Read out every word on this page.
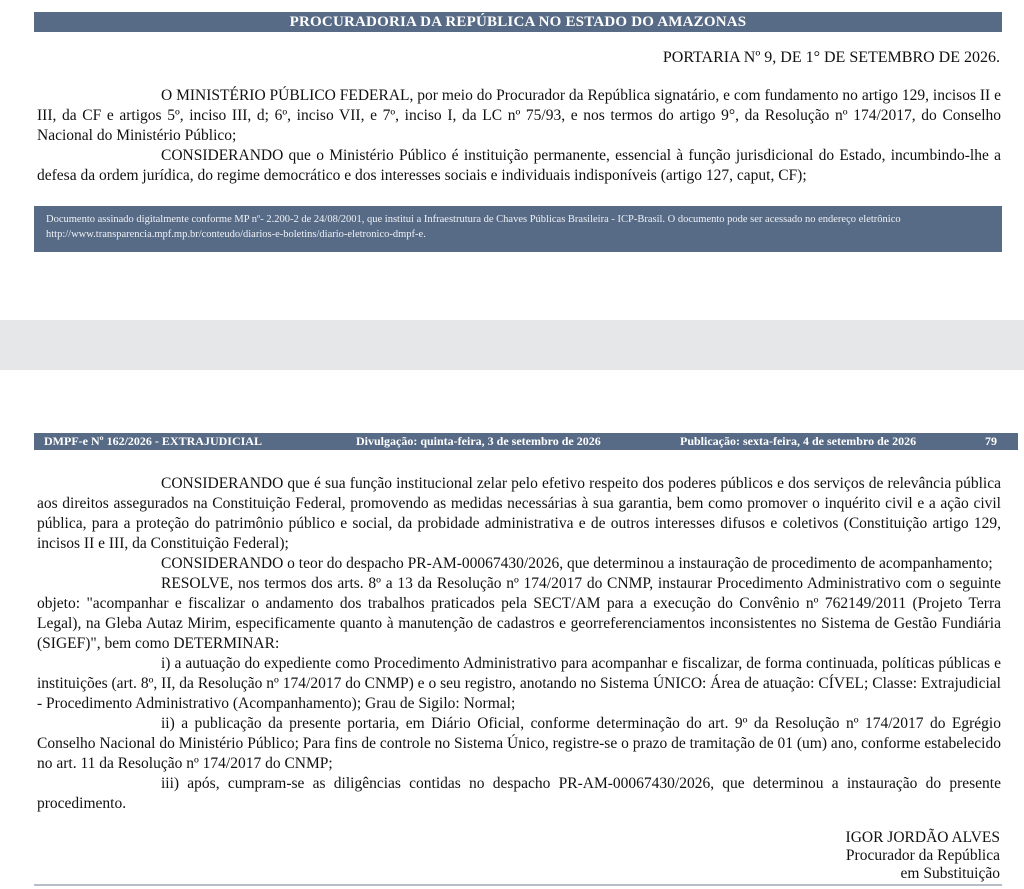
PROCURADORIA DA REPÚBLICA NO ESTADO DO AMAZONAS
PORTARIA Nº 9, DE 1° DE SETEMBRO DE 2026.

O MINISTÉRIO PÚBLICO FEDERAL, por meio do Procurador da República signatário, e com fundamento no artigo 129, incisos II e III, da CF e artigos 5º, inciso III, d; 6º, inciso VII, e 7º, inciso I, da LC nº 75/93, e nos termos do artigo 9°, da Resolução nº 174/2017, do Conselho Nacional do Ministério Público;

CONSIDERANDO que o Ministério Público é instituição permanente, essencial à função jurisdicional do Estado, incumbindo-lhe a defesa da ordem jurídica, do regime democrático e dos interesses sociais e individuais indisponíveis (artigo 127, caput, CF);

Documento assinado digitalmente conforme MP nº- 2.200-2 de 24/08/2001, que institui a Infraestrutura de Chaves Públicas Brasileira - ICP-Brasil. O documento pode ser acessado no endereço eletrônico http://www.transparencia.mpf.mp.br/conteudo/diarios-e-boletins/diario-eletronico-dmpf-e.
DMPF-e Nº 162/2026 - EXTRAJUDICIAL	Divulgação: quinta-feira, 3 de setembro de 2026	Publicação: sexta-feira, 4 de setembro de 2026	79

CONSIDERANDO que é sua função institucional zelar pelo efetivo respeito dos poderes públicos e dos serviços de relevância pública aos direitos assegurados na Constituição Federal, promovendo as medidas necessárias à sua garantia, bem como promover o inquérito civil e a ação civil pública, para a proteção do patrimônio público e social, da probidade administrativa e de outros interesses difusos e coletivos (Constituição artigo 129, incisos II e III, da Constituição Federal);

CONSIDERANDO o teor do despacho PR-AM-00067430/2026, que determinou a instauração de procedimento de acompanhamento;

RESOLVE, nos termos dos arts. 8º a 13 da Resolução nº 174/2017 do CNMP, instaurar Procedimento Administrativo com o seguinte objeto: "acompanhar e fiscalizar o andamento dos trabalhos praticados pela SECT/AM para a execução do Convênio nº 762149/2011 (Projeto Terra Legal), na Gleba Autaz Mirim, especificamente quanto à manutenção de cadastros e georreferenciamentos inconsistentes no Sistema de Gestão Fundiária (SIGEF)", bem como DETERMINAR:

i) a autuação do expediente como Procedimento Administrativo para acompanhar e fiscalizar, de forma continuada, políticas públicas e instituições (art. 8º, II, da Resolução nº 174/2017 do CNMP) e o seu registro, anotando no Sistema ÚNICO: Área de atuação: CÍVEL; Classe: Extrajudicial - Procedimento Administrativo (Acompanhamento); Grau de Sigilo: Normal;

ii) a publicação da presente portaria, em Diário Oficial, conforme determinação do art. 9º da Resolução nº 174/2017 do Egrégio Conselho Nacional do Ministério Público; Para fins de controle no Sistema Único, registre-se o prazo de tramitação de 01 (um) ano, conforme estabelecido no art. 11 da Resolução nº 174/2017 do CNMP;

iii) após, cumpram-se as diligências contidas no despacho PR-AM-00067430/2026, que determinou a instauração do presente procedimento.

IGOR JORDÃO ALVES
Procurador da República
em Substituição
